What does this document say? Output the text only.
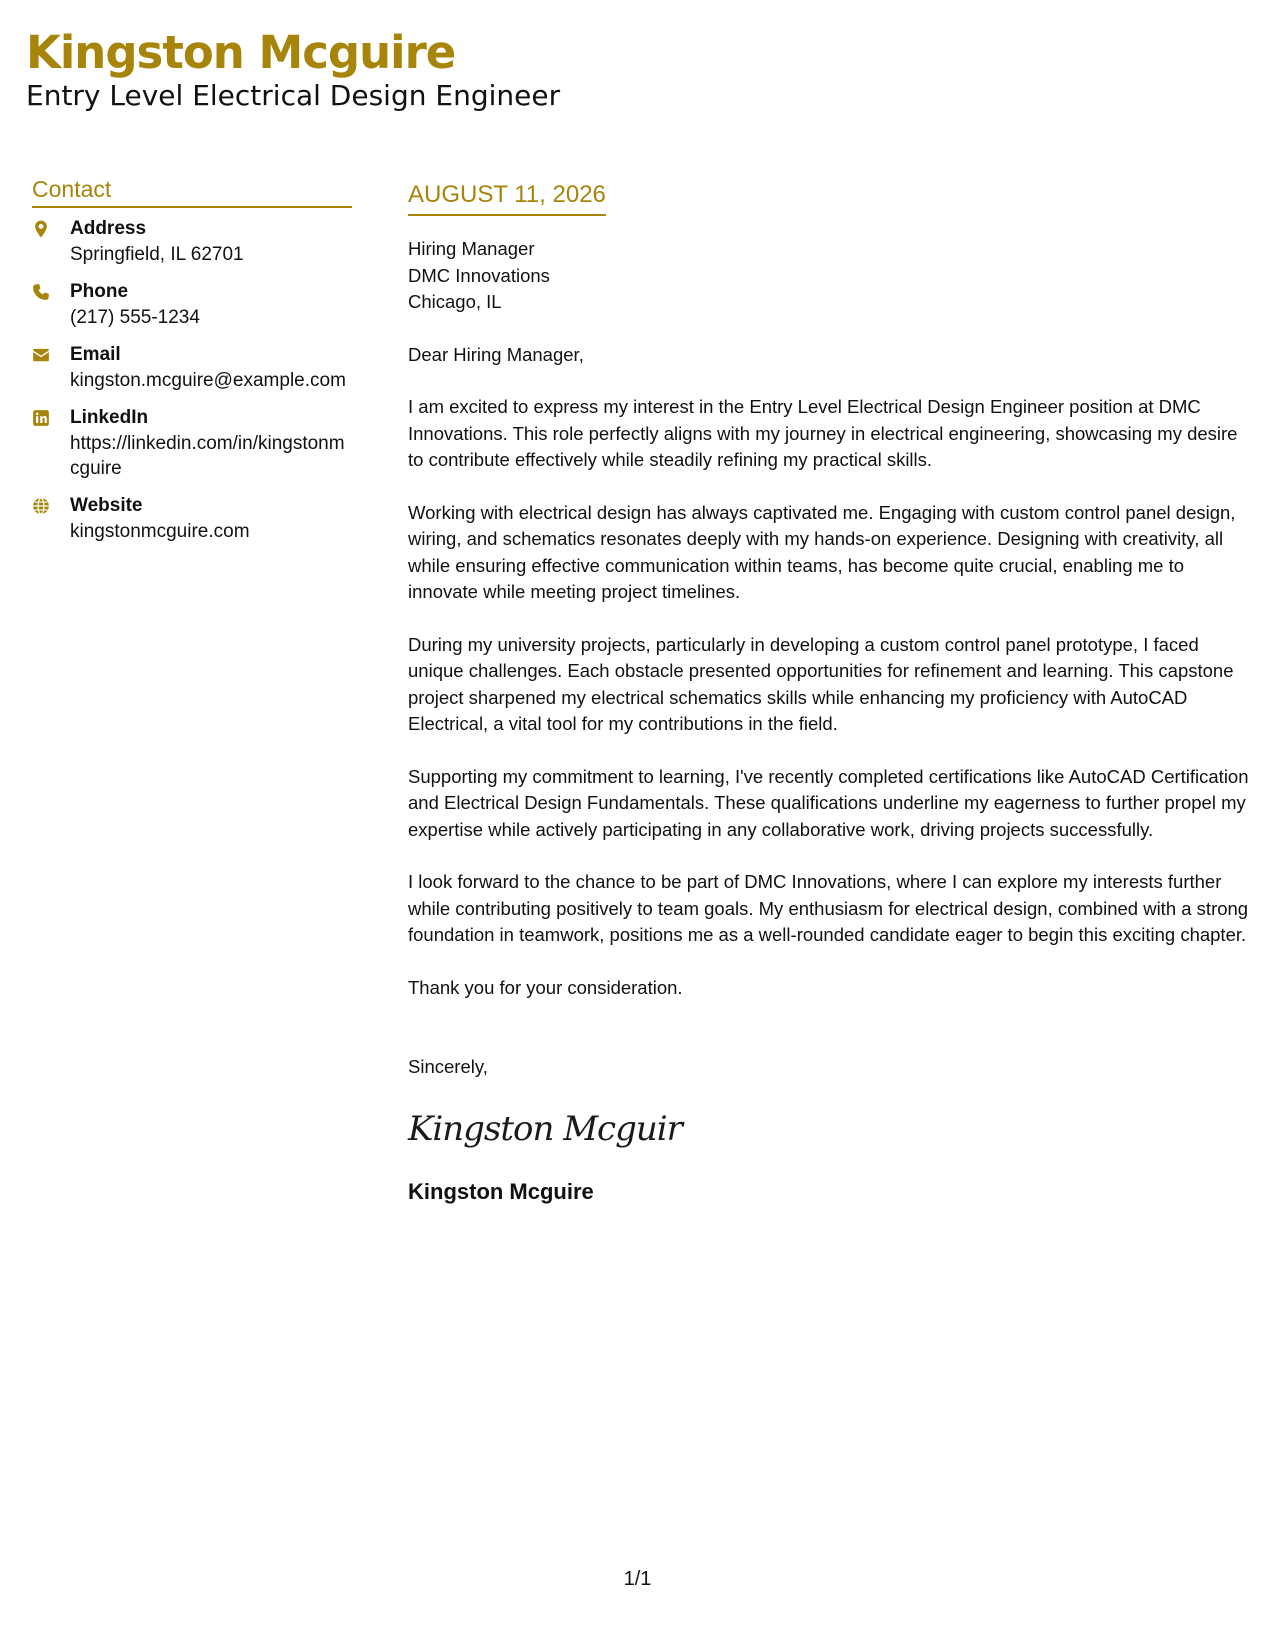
Kingston Mcguire
Entry Level Electrical Design Engineer
Contact
Address
Springfield, IL 62701
Phone
(217) 555-1234
Email
kingston.mcguire@example.com
LinkedIn
https://linkedin.com/in/kingstonmcguire
Website
kingstonmcguire.com
AUGUST 11, 2026
Hiring Manager
DMC Innovations
Chicago, IL
Dear Hiring Manager,

I am excited to express my interest in the Entry Level Electrical Design Engineer position at DMC Innovations. This role perfectly aligns with my journey in electrical engineering, showcasing my desire to contribute effectively while steadily refining my practical skills.

Working with electrical design has always captivated me. Engaging with custom control panel design, wiring, and schematics resonates deeply with my hands-on experience. Designing with creativity, all while ensuring effective communication within teams, has become quite crucial, enabling me to innovate while meeting project timelines.

During my university projects, particularly in developing a custom control panel prototype, I faced unique challenges. Each obstacle presented opportunities for refinement and learning. This capstone project sharpened my electrical schematics skills while enhancing my proficiency with AutoCAD Electrical, a vital tool for my contributions in the field.

Supporting my commitment to learning, I've recently completed certifications like AutoCAD Certification and Electrical Design Fundamentals. These qualifications underline my eagerness to further propel my expertise while actively participating in any collaborative work, driving projects successfully.

I look forward to the chance to be part of DMC Innovations, where I can explore my interests further while contributing positively to team goals. My enthusiasm for electrical design, combined with a strong foundation in teamwork, positions me as a well-rounded candidate eager to begin this exciting chapter.

Thank you for your consideration.
Sincerely,
Kingston Mcguir
Kingston Mcguire
1/1
